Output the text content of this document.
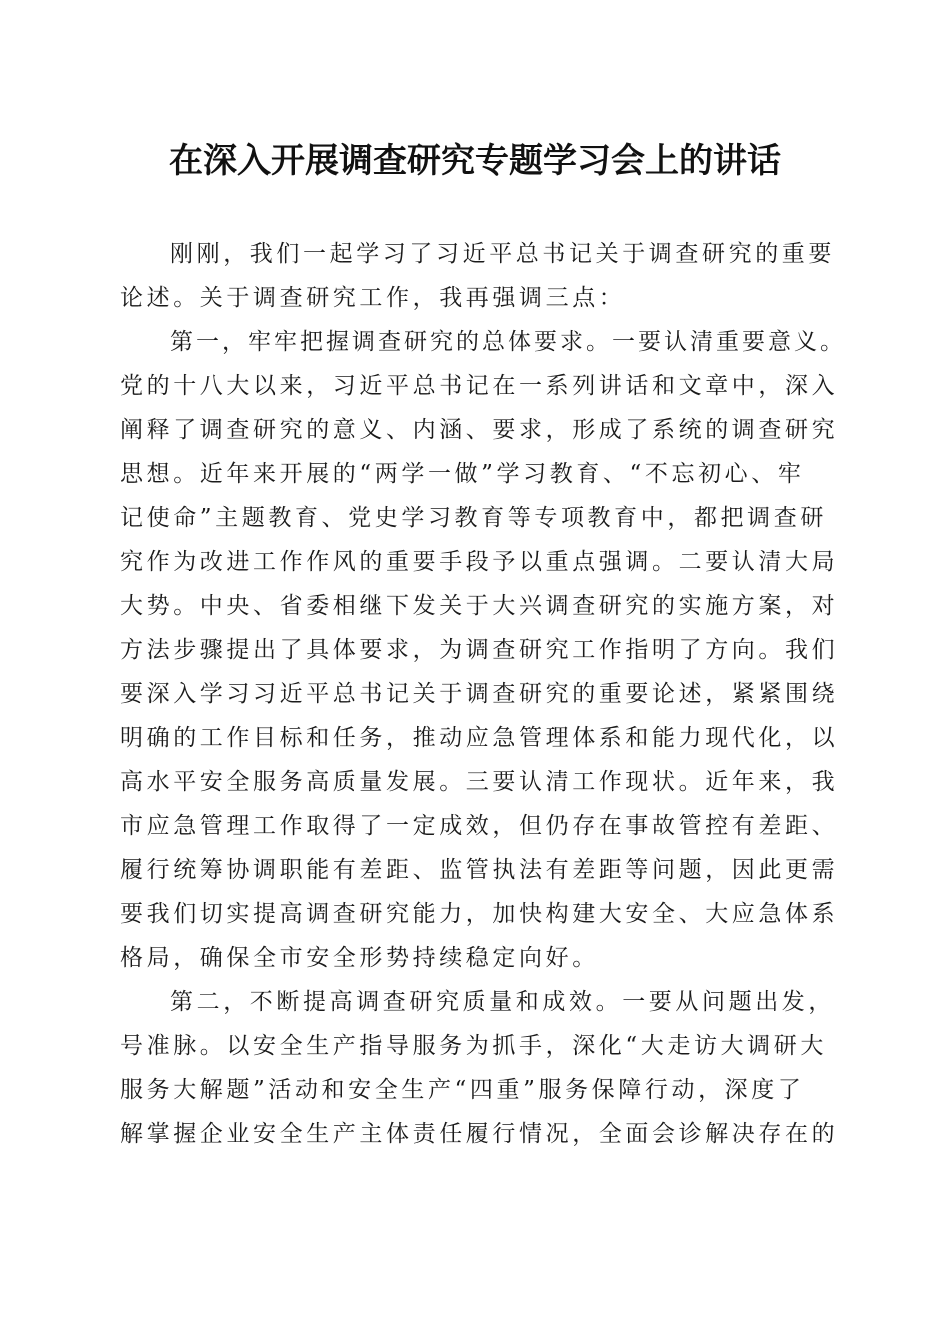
在深入开展调查研究专题学习会上的讲话
刚刚，我们一起学习了习近平总书记关于调查研究的重要
论述。关于调查研究工作，我再强调三点：
第一，牢牢把握调查研究的总体要求。一要认清重要意义。
党的十八大以来，习近平总书记在一系列讲话和文章中，深入
阐释了调查研究的意义、内涵、要求，形成了系统的调查研究
思想。近年来开展的“两学一做”学习教育、“不忘初心、牢
记使命”主题教育、党史学习教育等专项教育中，都把调查研
究作为改进工作作风的重要手段予以重点强调。二要认清大局
大势。中央、省委相继下发关于大兴调查研究的实施方案，对
方法步骤提出了具体要求，为调查研究工作指明了方向。我们
要深入学习习近平总书记关于调查研究的重要论述，紧紧围绕
明确的工作目标和任务，推动应急管理体系和能力现代化，以
高水平安全服务高质量发展。三要认清工作现状。近年来，我
市应急管理工作取得了一定成效，但仍存在事故管控有差距、
履行统筹协调职能有差距、监管执法有差距等问题，因此更需
要我们切实提高调查研究能力，加快构建大安全、大应急体系
格局，确保全市安全形势持续稳定向好。
第二，不断提高调查研究质量和成效。一要从问题出发，
号准脉。以安全生产指导服务为抓手，深化“大走访大调研大
服务大解题”活动和安全生产“四重”服务保障行动，深度了
解掌握企业安全生产主体责任履行情况，全面会诊解决存在的
